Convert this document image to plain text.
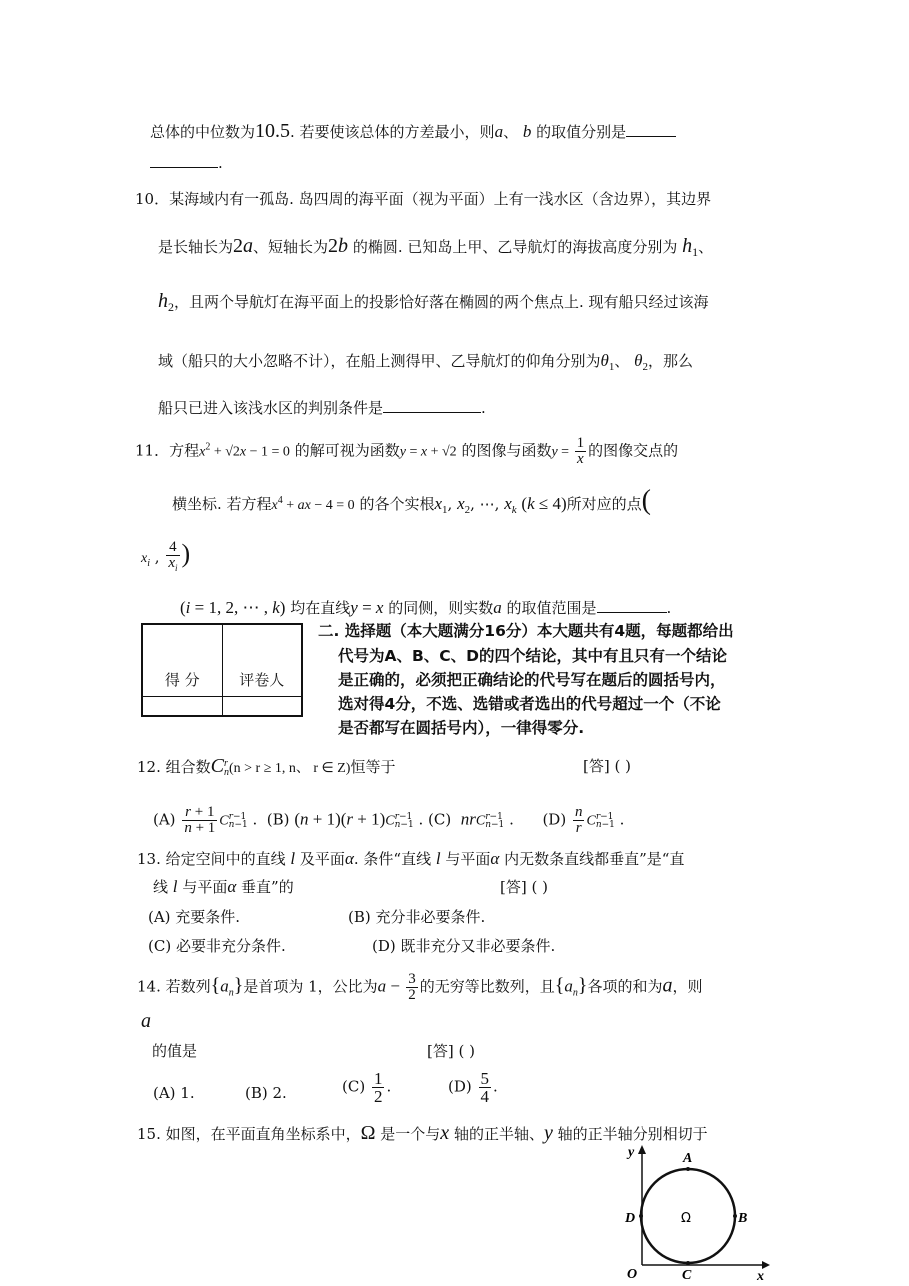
总体的中位数为10.5. 若要使该总体的方差最小，则a、 b 的取值分别是
.
10．某海域内有一孤岛. 岛四周的海平面（视为平面）上有一浅水区（含边界），其边界
是长轴长为2a、短轴长为2b 的椭圆. 已知岛上甲、乙导航灯的海拔高度分别为 $h_1$、
$h_2$，且两个导航灯在海平面上的投影恰好落在椭圆的两个焦点上. 现有船只经过该海
域（船只的大小忽略不计），在船上测得甲、乙导航灯的仰角分别为$\theta_1$、 $\theta_2$，那么
船只已进入该浅水区的判别条件是	.
11．方程$x^2 + √2x - 1 = 0$ 的解可视为函数y = x + √2 的图像与函数$y = \frac{1}{x}$ 的图像交点的
横坐标. 若方程$x^4$ + ax − 4 = 0 的各个实根$x_1$, $x_2$, ⋯, $x_k$ (k ≤ 4)所对应的点(
$x_i$ , $\frac{4}{x_i}$ )
(i = 1, 2, ⋯ , k) 均在直线y = x 的同侧，则实数a 的取值范围是	.
得 分	评卷人

二. 选择题（本大题满分16分）本大题共有4题，每题都给出
代号为A、B、C、D的四个结论，其中有且只有一个结论
是正确的，必须把正确结论的代号写在题后的圆括号内，
选对得4分，不选、选错或者选出的代号超过一个（不论
是否都写在圆括号内），一律得零分.
12. 组合数C r
n (n > r ≥ 1, n、 r ∈ Z)恒等于	[答] ( )
$(A) \frac{r + 1}{n + 1}$ C r−1
n−1 .  (B) (n + 1)(r + 1)C r−1
n−1 . (C) nrC r−1
n−1 .      $(D) \frac{n}{r}$ C r−1
n−1 .
13. 给定空间中的直线 l 及平面α. 条件“直线 l 与平面α 内无数条直线都垂直”是“直
线 l 与平面α 垂直”的	[答] ( )
(A) 充要条件.	(B) 充分非必要条件.
(C) 必要非充分条件.	(D) 既非充分又非必要条件.
14. 若数列$\{a_n\}$是首项为 1，公比为$a - \frac{3}{2}$ 的无穷等比数列，且$\{a_n\}$各项的和为a，则
a
的值是	[答] ( )
(A) 1.	(B) 2.	$(C) \frac{1}{2}$ .	$(D) \frac{5}{4}$ .
15. 如图，在平面直角坐标系中，Ω 是一个与x 轴的正半轴、y 轴的正半轴分别相切于
y
x
A
B
C
D
O
Ω
